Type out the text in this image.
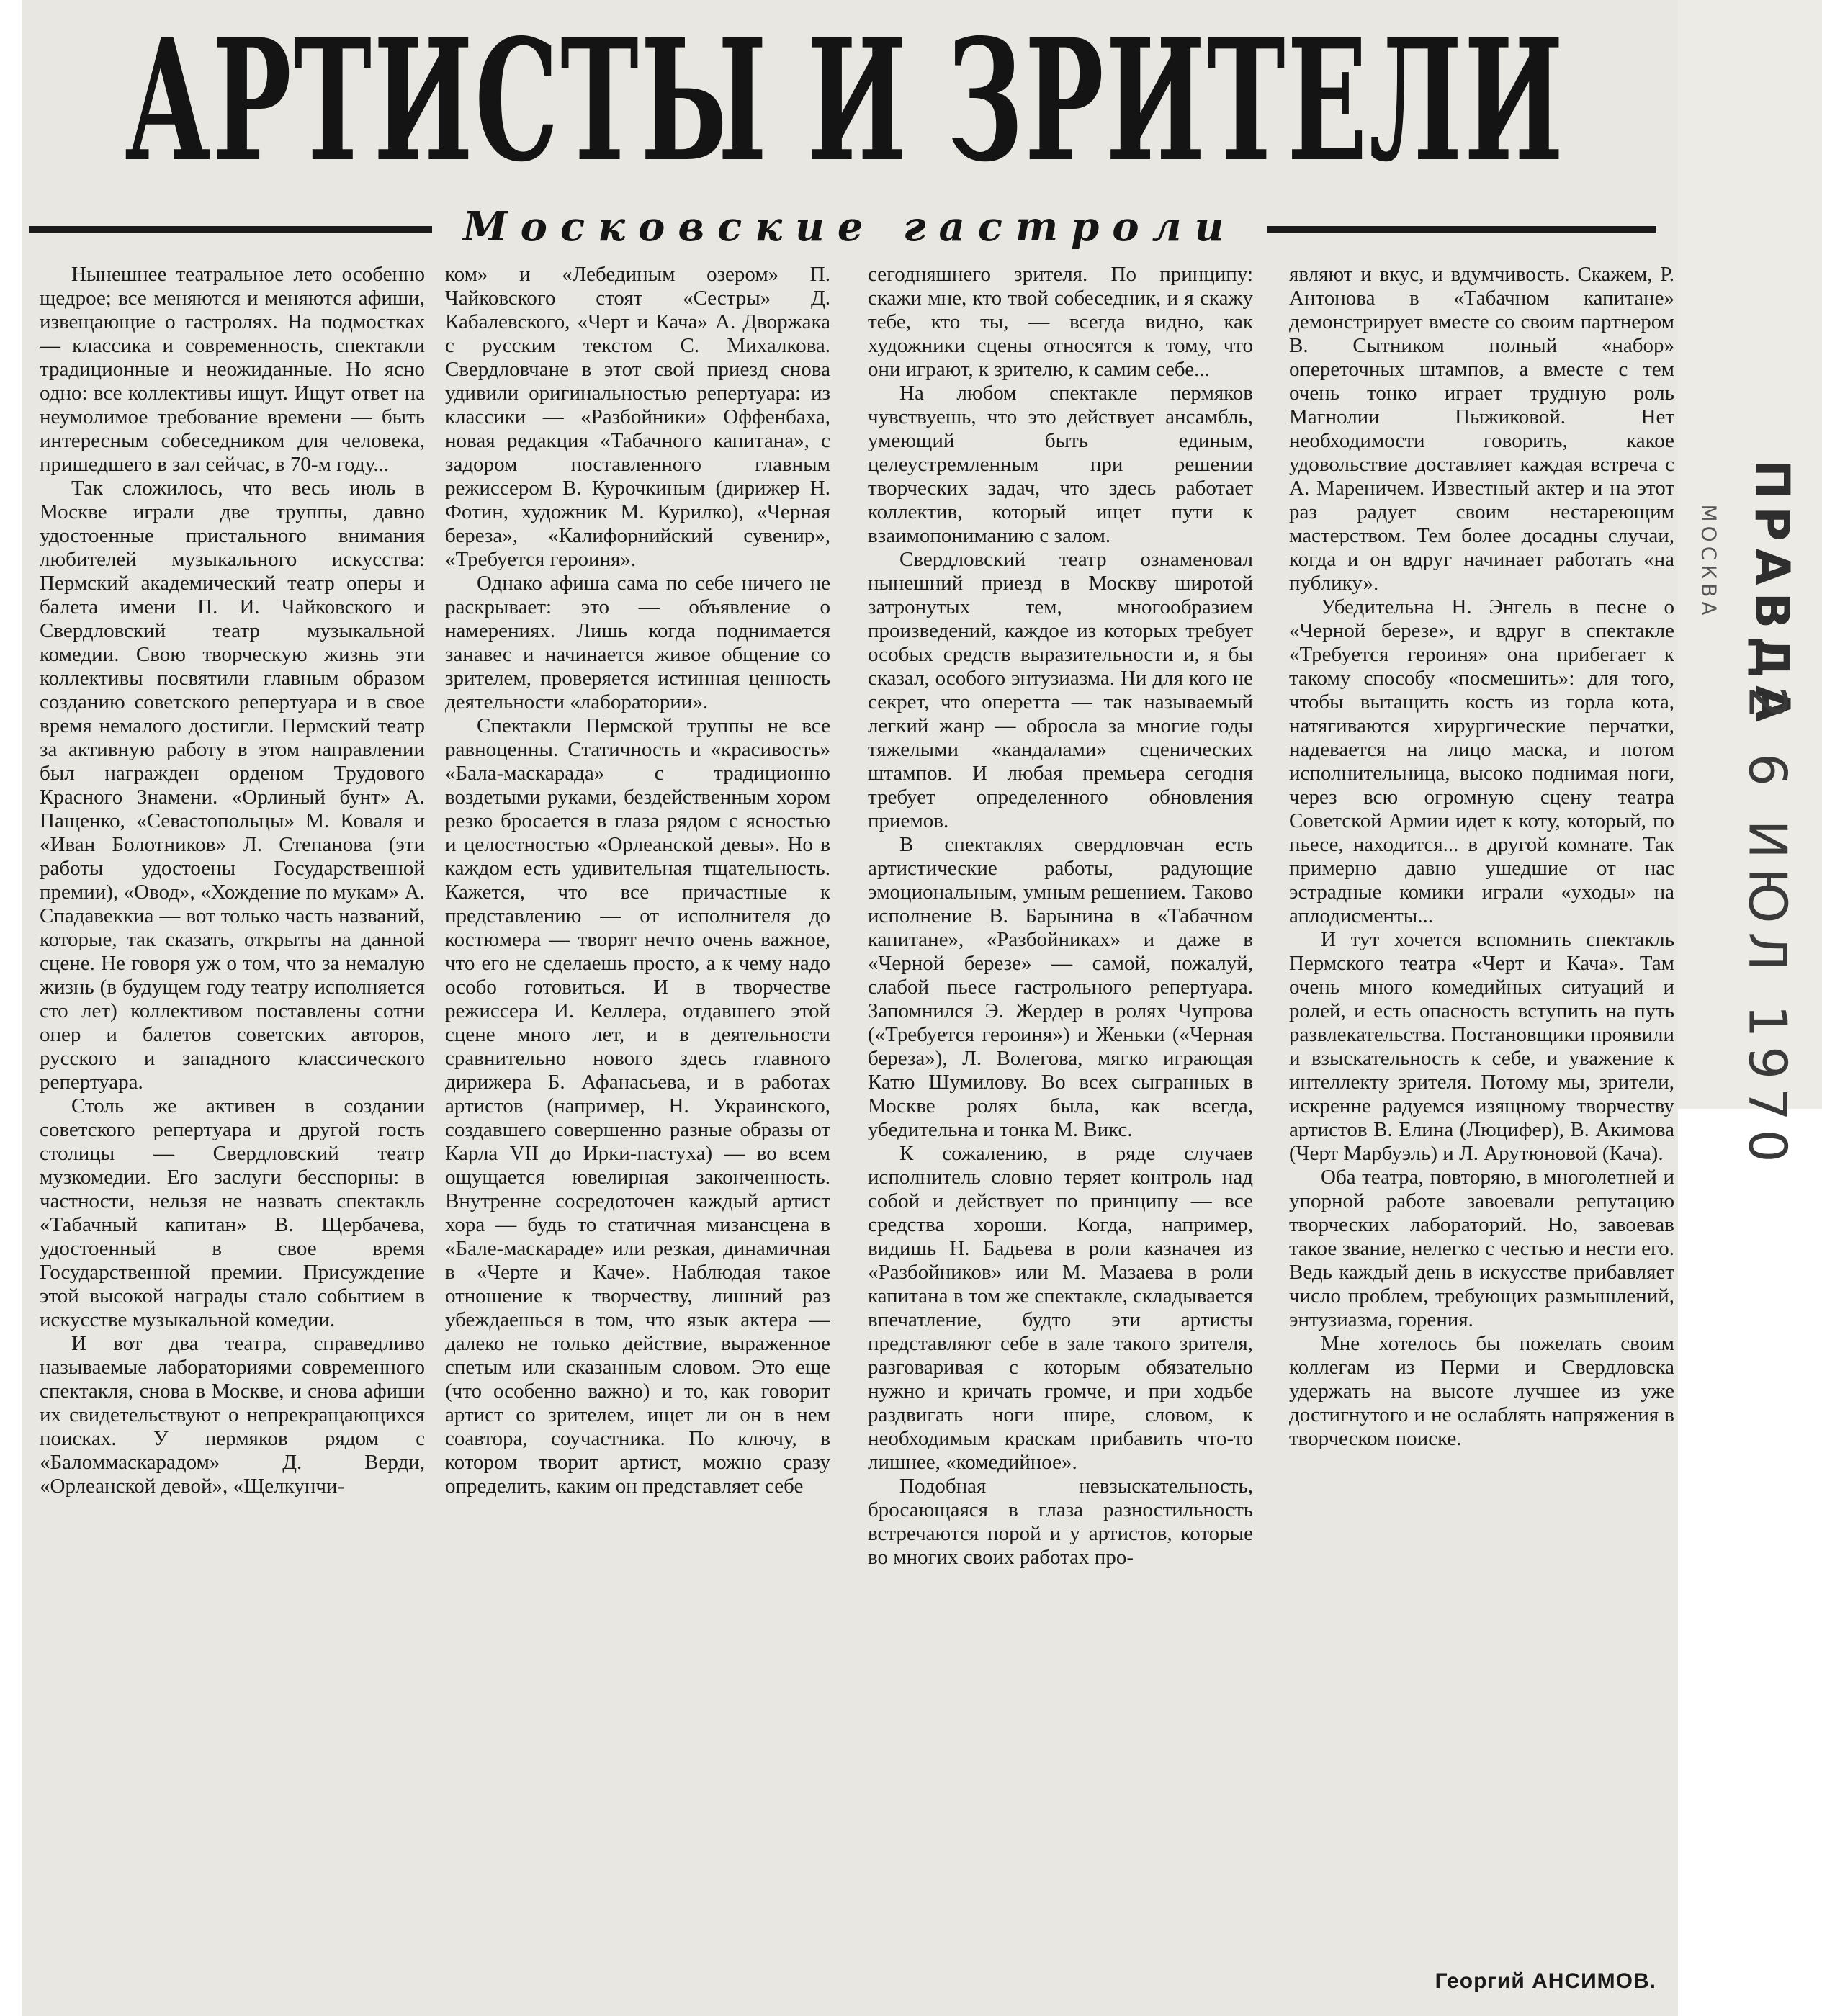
АРТИСТЫ И ЗРИТЕЛИ
Московские гастроли

Нынешнее театральное лето особенно щедрое; все меняются и меняются афиши, извещающие о гастролях. На подмостках — классика и современность, спектакли традиционные и неожиданные. Но ясно одно: все коллективы ищут. Ищут ответ на неумолимое требование времени — быть интересным собеседником для человека, пришедшего в зал сейчас, в 70-м году...

Так сложилось, что весь июль в Москве играли две труппы, давно удостоенные пристального внимания любителей музыкального искусства: Пермский академический театр оперы и балета имени П. И. Чайковского и Свердловский театр музыкальной комедии. Свою творческую жизнь эти коллективы посвятили главным образом созданию советского репертуара и в свое время немалого достигли. Пермский театр за активную работу в этом направлении был награжден орденом Трудового Красного Знамени. «Орлиный бунт» А. Пащенко, «Севастопольцы» М. Коваля и «Иван Болотников» Л. Степанова (эти работы удостоены Государственной премии), «Овод», «Хождение по мукам» А. Спадавеккиа — вот только часть названий, которые, так сказать, открыты на данной сцене. Не говоря уж о том, что за немалую жизнь (в будущем году театру исполняется сто лет) коллективом поставлены сотни опер и балетов советских авторов, русского и западного классического репертуара.

Столь же активен в создании советского репертуара и другой гость столицы — Свердловский театр музкомедии. Его заслуги бесспорны: в частности, нельзя не назвать спектакль «Табачный капитан» В. Щербачева, удостоенный в свое время Государственной премии. Присуждение этой высокой награды стало событием в искусстве музыкальной комедии.

И вот два театра, справедливо называемые лабораториями современного спектакля, снова в Москве, и снова афиши их свидетельствуют о непрекращающихся поисках. У пермяков рядом с «Баломмаскарадом» Д. Верди, «Орлеанской девой», «Щелкунчи-

ком» и «Лебединым озером» П. Чайковского стоят «Сестры» Д. Кабалевского, «Черт и Кача» А. Дворжака с русским текстом С. Михалкова. Свердловчане в этот свой приезд снова удивили оригинальностью репертуара: из классики — «Разбойники» Оффенбаха, новая редакция «Табачного капитана», с задором поставленного главным режиссером В. Курочкиным (дирижер Н. Фотин, художник М. Курилко), «Черная береза», «Калифорнийский сувенир», «Требуется героиня».

Однако афиша сама по себе ничего не раскрывает: это — объявление о намерениях. Лишь когда поднимается занавес и начинается живое общение со зрителем, проверяется истинная ценность деятельности «лаборатории».

Спектакли Пермской труппы не все равноценны. Статичность и «красивость» «Бала-маскарада» с традиционно воздетыми руками, бездейственным хором резко бросается в глаза рядом с ясностью и целостностью «Орлеанской девы». Но в каждом есть удивительная тщательность. Кажется, что все причастные к представлению — от исполнителя до костюмера — творят нечто очень важное, что его не сделаешь просто, а к чему надо особо готовиться. И в творчестве режиссера И. Келлера, отдавшего этой сцене много лет, и в деятельности сравнительно нового здесь главного дирижера Б. Афанасьева, и в работах артистов (например, Н. Украинского, создавшего совершенно разные образы от Карла VII до Ирки-пастуха) — во всем ощущается ювелирная законченность. Внутренне сосредоточен каждый артист хора — будь то статичная мизансцена в «Бале-маскараде» или резкая, динамичная в «Черте и Каче». Наблюдая такое отношение к творчеству, лишний раз убеждаешься в том, что язык актера — далеко не только действие, выраженное спетым или сказанным словом. Это еще (что особенно важно) и то, как говорит артист со зрителем, ищет ли он в нем соавтора, соучастника. По ключу, в котором творит артист, можно сразу определить, каким он представляет себе

сегодняшнего зрителя. По принципу: скажи мне, кто твой собеседник, и я скажу тебе, кто ты, — всегда видно, как художники сцены относятся к тому, что они играют, к зрителю, к самим себе...

На любом спектакле пермяков чувствуешь, что это действует ансамбль, умеющий быть единым, целеустремленным при решении творческих задач, что здесь работает коллектив, который ищет пути к взаимопониманию с залом.

Свердловский театр ознаменовал нынешний приезд в Москву широтой затронутых тем, многообразием произведений, каждое из которых требует особых средств выразительности и, я бы сказал, особого энтузиазма. Ни для кого не секрет, что оперетта — так называемый легкий жанр — обросла за многие годы тяжелыми «кандалами» сценических штампов. И любая премьера сегодня требует определенного обновления приемов.

В спектаклях свердловчан есть артистические работы, радующие эмоциональным, умным решением. Таково исполнение В. Барынина в «Табачном капитане», «Разбойниках» и даже в «Черной березе» — самой, пожалуй, слабой пьесе гастрольного репертуара. Запомнился Э. Жердер в ролях Чупрова («Требуется героиня») и Женьки («Черная береза»), Л. Волегова, мягко играющая Катю Шумилову. Во всех сыгранных в Москве ролях была, как всегда, убедительна и тонка М. Викс.

К сожалению, в ряде случаев исполнитель словно теряет контроль над собой и действует по принципу — все средства хороши. Когда, например, видишь Н. Бадьева в роли казначея из «Разбойников» или М. Мазаева в роли капитана в том же спектакле, складывается впечатление, будто эти артисты представляют себе в зале такого зрителя, разговаривая с которым обязательно нужно и кричать громче, и при ходьбе раздвигать ноги шире, словом, к необходимым краскам прибавить что-то лишнее, «комедийное».

Подобная невзыскательность, бросающаяся в глаза разностильность встречаются порой и у артистов, которые во многих своих работах про-

являют и вкус, и вдумчивость. Скажем, Р. Антонова в «Табачном капитане» демонстрирует вместе со своим партнером В. Сытником полный «набор» опереточных штампов, а вместе с тем очень тонко играет трудную роль Магнолии Пыжиковой. Нет необходимости говорить, какое удовольствие доставляет каждая встреча с А. Мареничем. Известный актер и на этот раз радует своим нестареющим мастерством. Тем более досадны случаи, когда и он вдруг начинает работать «на публику».

Убедительна Н. Энгель в песне о «Черной березе», и вдруг в спектакле «Требуется героиня» она прибегает к такому способу «посмешить»: для того, чтобы вытащить кость из горла кота, натягиваются хирургические перчатки, надевается на лицо маска, и потом исполнительница, высоко поднимая ноги, через всю огромную сцену театра Советской Армии идет к коту, который, по пьесе, находится... в другой комнате. Так примерно давно ушедшие от нас эстрадные комики играли «уходы» на аплодисменты...

И тут хочется вспомнить спектакль Пермского театра «Черт и Кача». Там очень много комедийных ситуаций и ролей, и есть опасность вступить на путь развлекательства. Постановщики проявили и взыскательность к себе, и уважение к интеллекту зрителя. Потому мы, зрители, искренне радуемся изящному творчеству артистов В. Елина (Люцифер), В. Акимова (Черт Марбуэль) и Л. Арутюновой (Кача).

Оба театра, повторяю, в многолетней и упорной работе завоевали репутацию творческих лабораторий. Но, завоевав такое звание, нелегко с честью и нести его. Ведь каждый день в искусстве прибавляет число проблем, требующих размышлений, энтузиазма, горения.

Мне хотелось бы пожелать своим коллегам из Перми и Свердловска удержать на высоте лучшее из уже достигнутого и не ослаблять напряжения в творческом поиске.

Георгий АНСИМОВ.
ПРАВДА
МОСКВА
2 6 ИЮЛ 1970
